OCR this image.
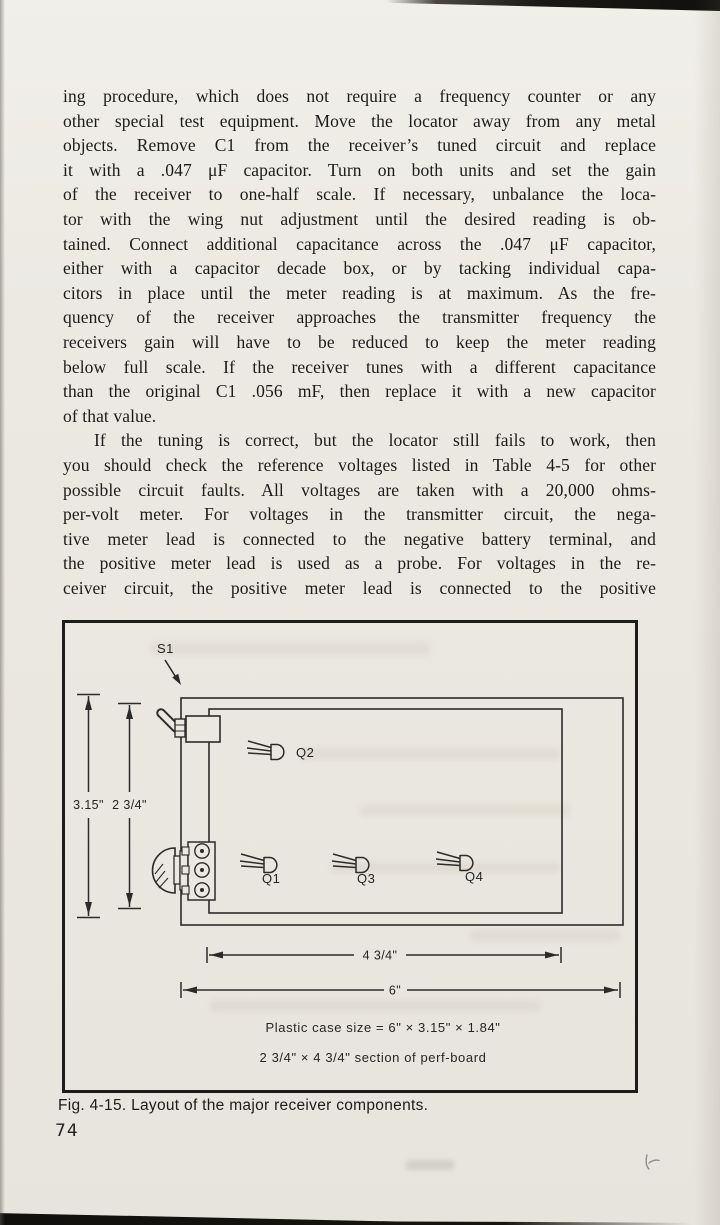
ing procedure, which does not require a frequency counter or any
other special test equipment. Move the locator away from any metal
objects. Remove C1 from the receiver’s tuned circuit and replace
it with a .047 μF capacitor. Turn on both units and set the gain
of the receiver to one-half scale. If necessary, unbalance the loca-
tor with the wing nut adjustment until the desired reading is ob-
tained. Connect additional capacitance across the .047 μF capacitor,
either with a capacitor decade box, or by tacking individual capa-
citors in place until the meter reading is at maximum. As the fre-
quency of the receiver approaches the transmitter frequency the
receivers gain will have to be reduced to keep the meter reading
below full scale. If the receiver tunes with a different capacitance
than the original C1 .056 mF, then replace it with a new capacitor
of that value.
If the tuning is correct, but the locator still fails to work, then
you should check the reference voltages listed in Table 4-5 for other
possible circuit faults. All voltages are taken with a 20,000 ohms-
per-volt meter. For voltages in the transmitter circuit, the nega-
tive meter lead is connected to the negative battery terminal, and
the positive meter lead is used as a probe. For voltages in the re-
ceiver circuit, the positive meter lead is connected to the positive
S1
Q2
Q1	Q3	Q4
3.15" 2 3/4"
4 3/4"
6"
Plastic case size = 6" × 3.15" × 1.84"
2 3/4" × 4 3/4" section of perf-board
Fig. 4-15. Layout of the major receiver components.
74
